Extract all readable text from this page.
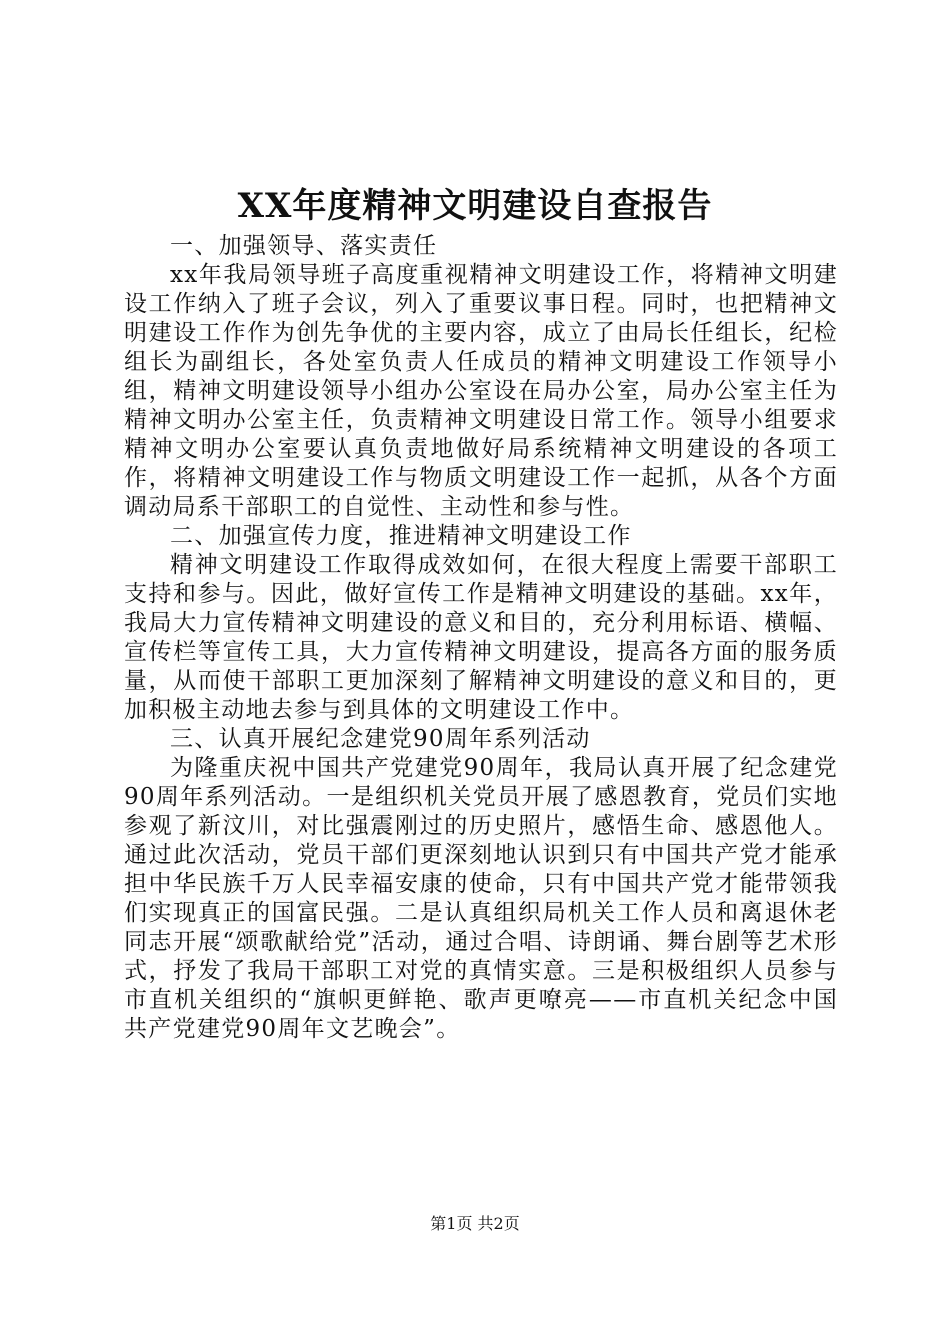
XX年度精神文明建设自查报告

一、加强领导、落实责任

xx年我局领导班子高度重视精神文明建设工作，将精神文明建设工作纳入了班子会议，列入了重要议事日程。同时，也把精神文明建设工作作为创先争优的主要内容，成立了由局长任组长，纪检组长为副组长，各处室负责人任成员的精神文明建设工作领导小组，精神文明建设领导小组办公室设在局办公室，局办公室主任为精神文明办公室主任，负责精神文明建设日常工作。领导小组要求精神文明办公室要认真负责地做好局系统精神文明建设的各项工作，将精神文明建设工作与物质文明建设工作一起抓，从各个方面调动局系干部职工的自觉性、主动性和参与性。

二、加强宣传力度，推进精神文明建设工作

精神文明建设工作取得成效如何，在很大程度上需要干部职工支持和参与。因此，做好宣传工作是精神文明建设的基础。xx年，我局大力宣传精神文明建设的意义和目的，充分利用标语、横幅、宣传栏等宣传工具，大力宣传精神文明建设，提高各方面的服务质量，从而使干部职工更加深刻了解精神文明建设的意义和目的，更加积极主动地去参与到具体的文明建设工作中。

三、认真开展纪念建党90周年系列活动

为隆重庆祝中国共产党建党90周年，我局认真开展了纪念建党90周年系列活动。一是组织机关党员开展了感恩教育，党员们实地参观了新汶川，对比强震刚过的历史照片，感悟生命、感恩他人。通过此次活动，党员干部们更深刻地认识到只有中国共产党才能承担中华民族千万人民幸福安康的使命，只有中国共产党才能带领我们实现真正的国富民强。二是认真组织局机关工作人员和离退休老同志开展“颂歌献给党”活动，通过合唱、诗朗诵、舞台剧等艺术形式，抒发了我局干部职工对党的真情实意。三是积极组织人员参与市直机关组织的“旗帜更鲜艳、歌声更嘹亮——市直机关纪念中国共产党建党90周年文艺晚会”。

第1页 共2页
